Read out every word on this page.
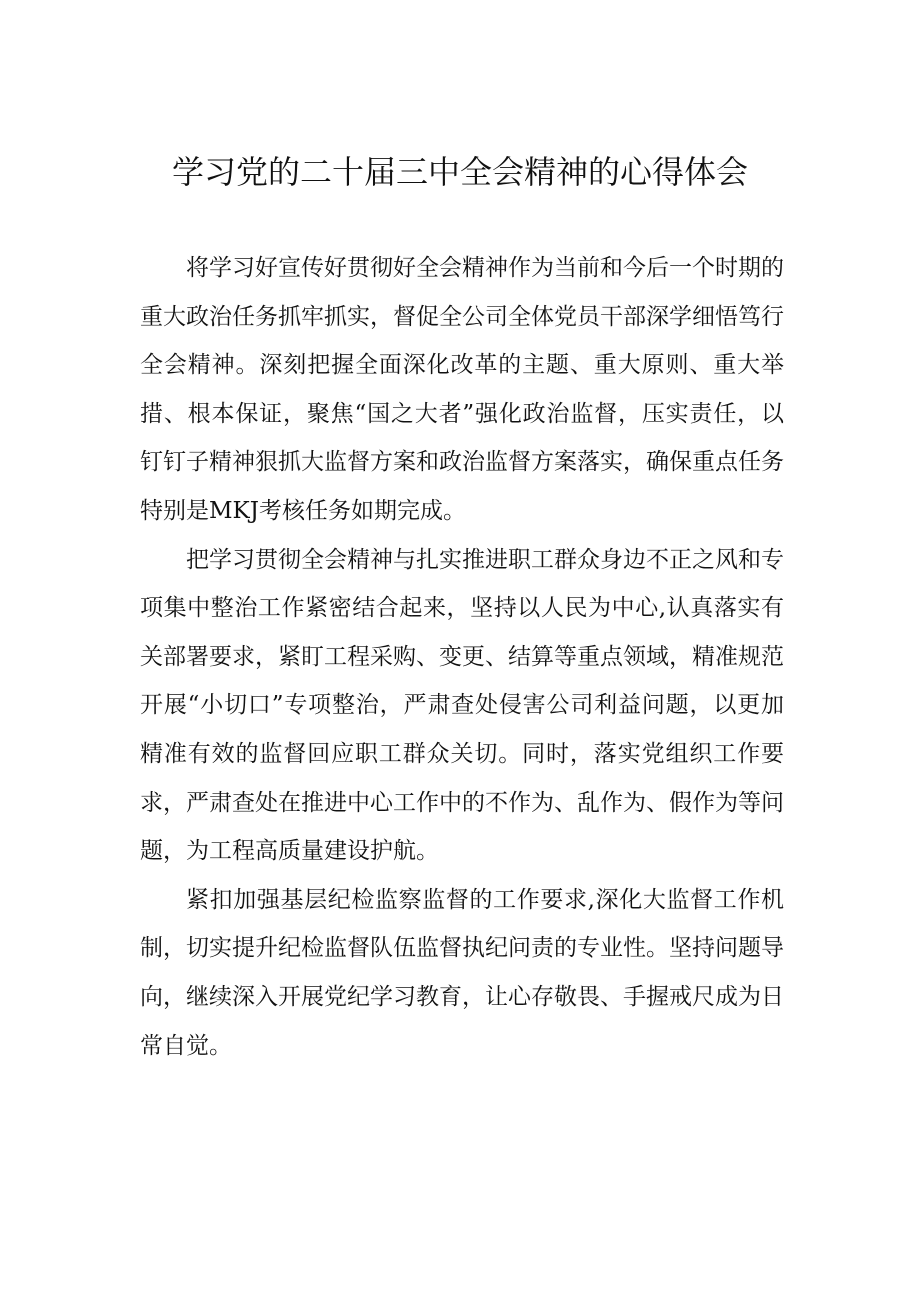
学习党的二十届三中全会精神的心得体会

将学习好宣传好贯彻好全会精神作为当前和今后一个时期的重大政治任务抓牢抓实，督促全公司全体党员干部深学细悟笃行全会精神。深刻把握全面深化改革的主题、重大原则、重大举措、根本保证，聚焦“国之大者”强化政治监督，压实责任，以钉钉子精神狠抓大监督方案和政治监督方案落实，确保重点任务特别是MKJ考核任务如期完成。

把学习贯彻全会精神与扎实推进职工群众身边不正之风和专项集中整治工作紧密结合起来，坚持以人民为中心,认真落实有关部署要求，紧盯工程采购、变更、结算等重点领域，精准规范开展“小切口”专项整治，严肃查处侵害公司利益问题，以更加精准有效的监督回应职工群众关切。同时，落实党组织工作要求，严肃查处在推进中心工作中的不作为、乱作为、假作为等问题，为工程高质量建设护航。

紧扣加强基层纪检监察监督的工作要求,深化大监督工作机制，切实提升纪检监督队伍监督执纪问责的专业性。坚持问题导向，继续深入开展党纪学习教育，让心存敬畏、手握戒尺成为日常自觉。
